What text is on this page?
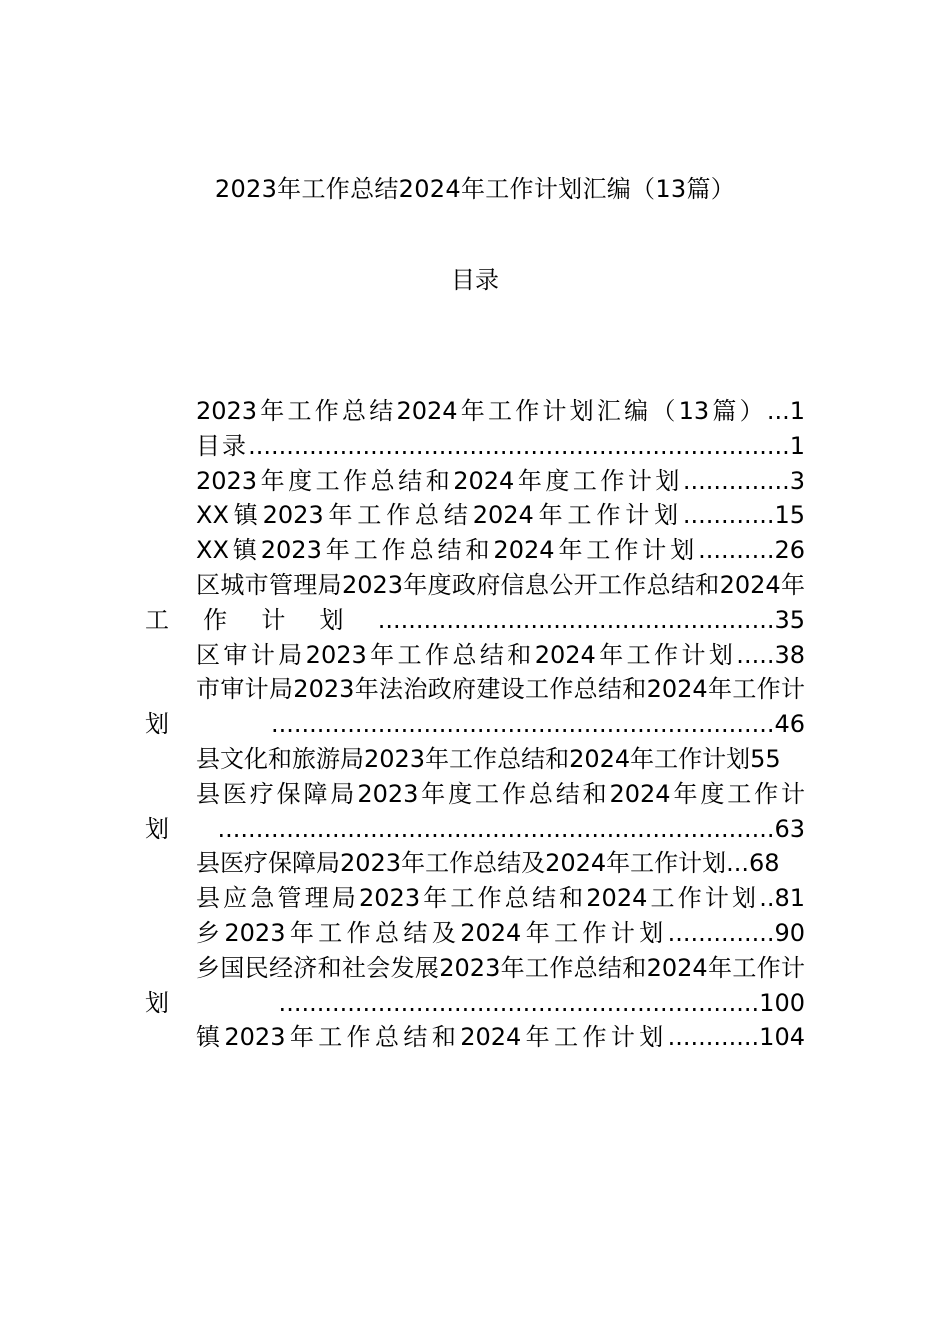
2023年工作总结2024年工作计划汇编（13篇）
目录
2023年工作总结2024年工作计划汇编（13篇）...1
目录.......................................................................1
2023年度工作总结和2024年度工作计划..............3
XX镇2023年工作总结2024年工作计划............15
XX镇2023年工作总结和2024年工作计划..........26
区城市管理局2023年度政府信息公开工作总结和2024年工作计划....................................................35
区审计局2023年工作总结和2024年工作计划.....38
市审计局2023年法治政府建设工作总结和2024年工作计划..................................................................46
县文化和旅游局2023年工作总结和2024年工作计划55
县医疗保障局2023年度工作总结和2024年度工作计划.........................................................................63
县医疗保障局2023年工作总结及2024年工作计划...68
县应急管理局2023年工作总结和2024工作计划..81
乡2023年工作总结及2024年工作计划..............90
乡国民经济和社会发展2023年工作总结和2024年工作计划...............................................................100
镇2023年工作总结和2024年工作计划............104
